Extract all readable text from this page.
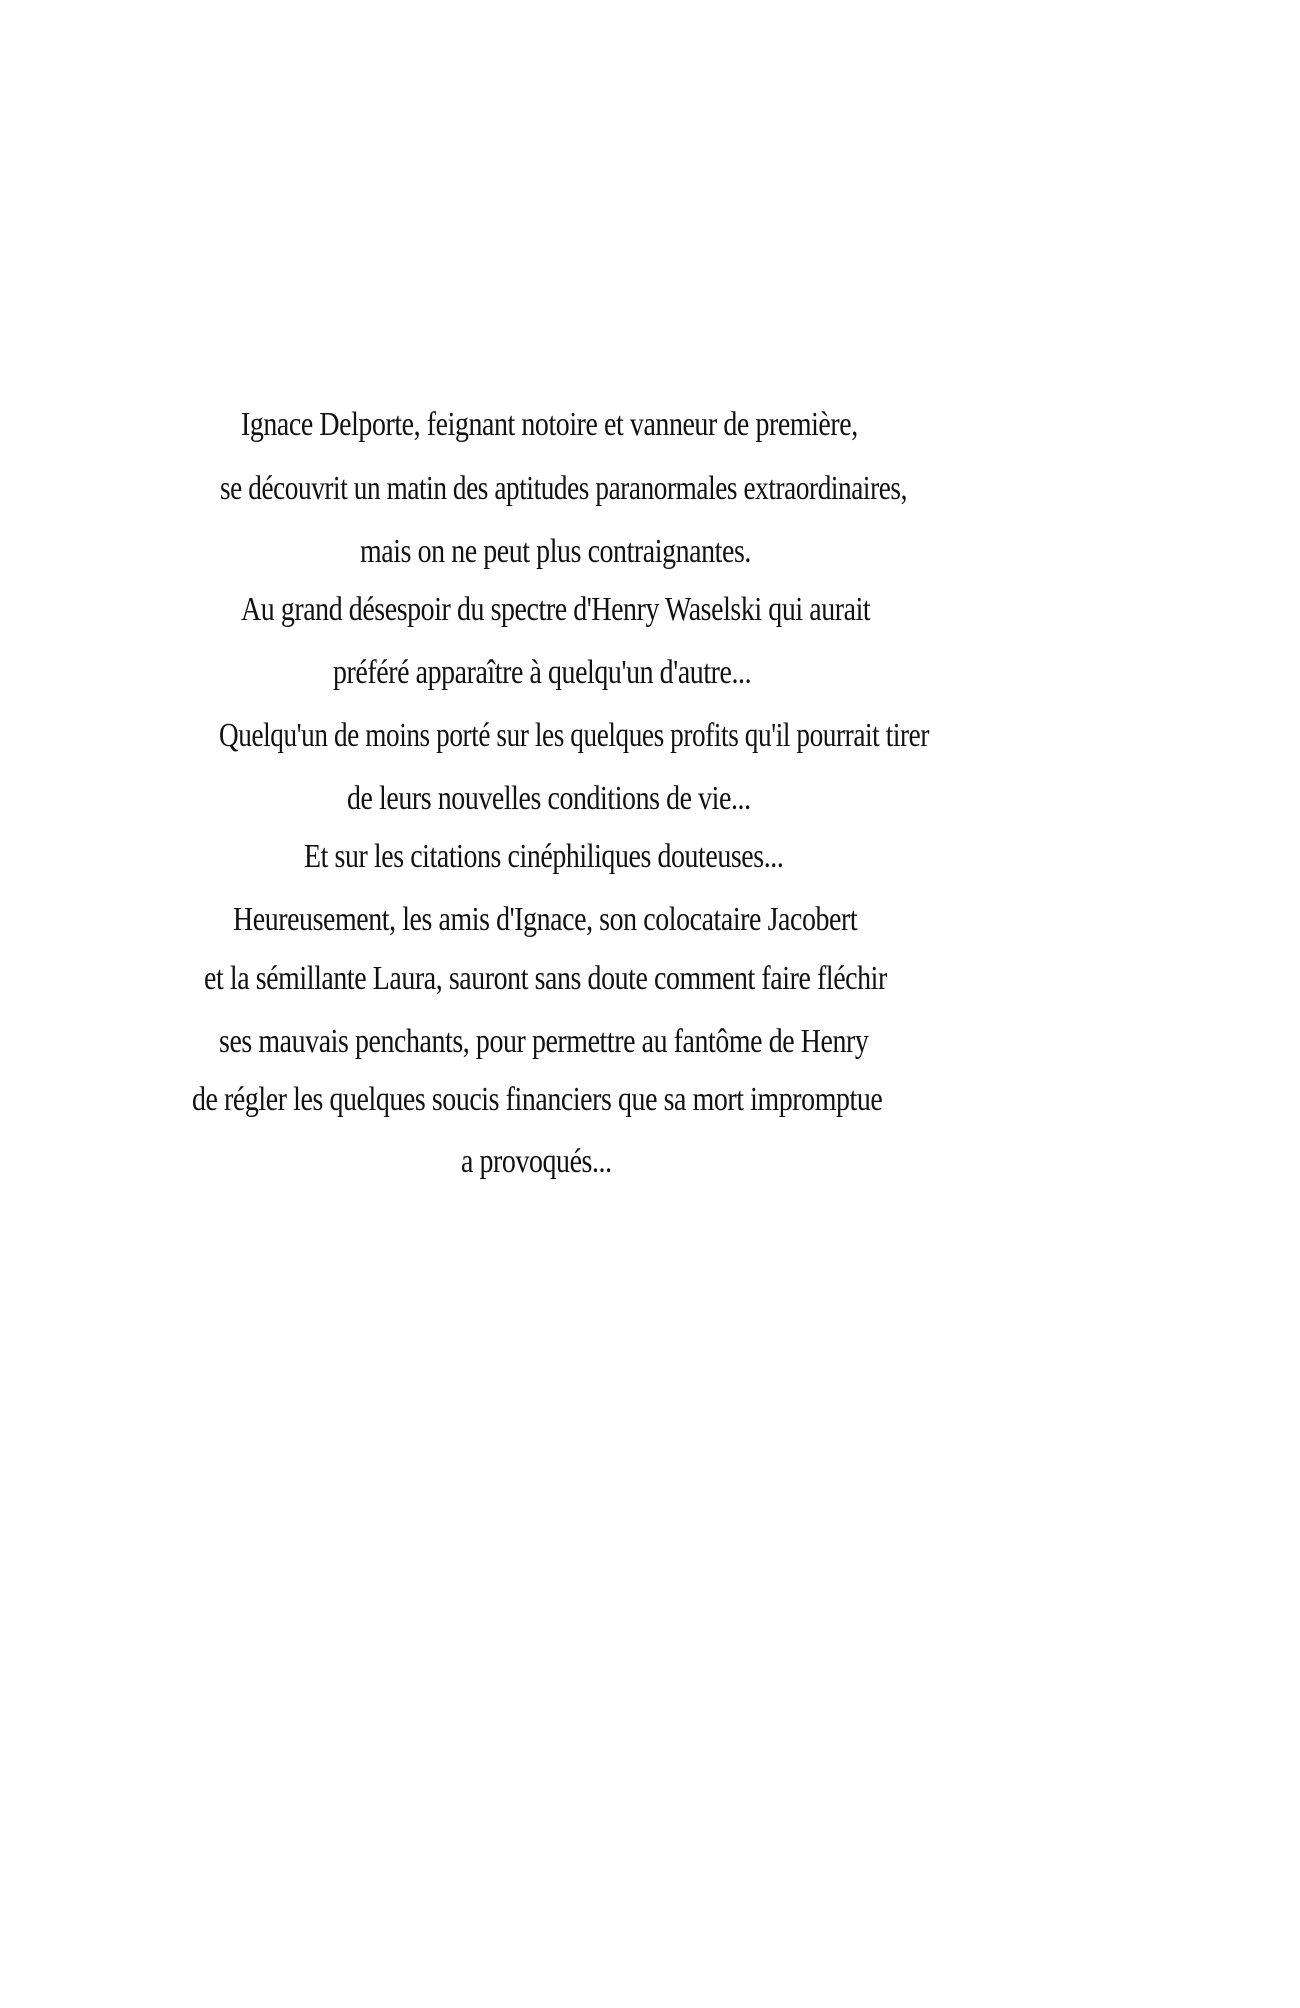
Ignace Delporte, feignant notoire et vanneur de première,
se découvrit un matin des aptitudes paranormales extraordinaires,
mais on ne peut plus contraignantes.
Au grand désespoir du spectre d'Henry Waselski qui aurait
préféré apparaître à quelqu'un d'autre...
Quelqu'un de moins porté sur les quelques profits qu'il pourrait tirer
de leurs nouvelles conditions de vie...
Et sur les citations cinéphiliques douteuses...
Heureusement, les amis d'Ignace, son colocataire Jacobert
et la sémillante Laura, sauront sans doute comment faire fléchir
ses mauvais penchants, pour permettre au fantôme de Henry
de régler les quelques soucis financiers que sa mort impromptue
a provoqués...
